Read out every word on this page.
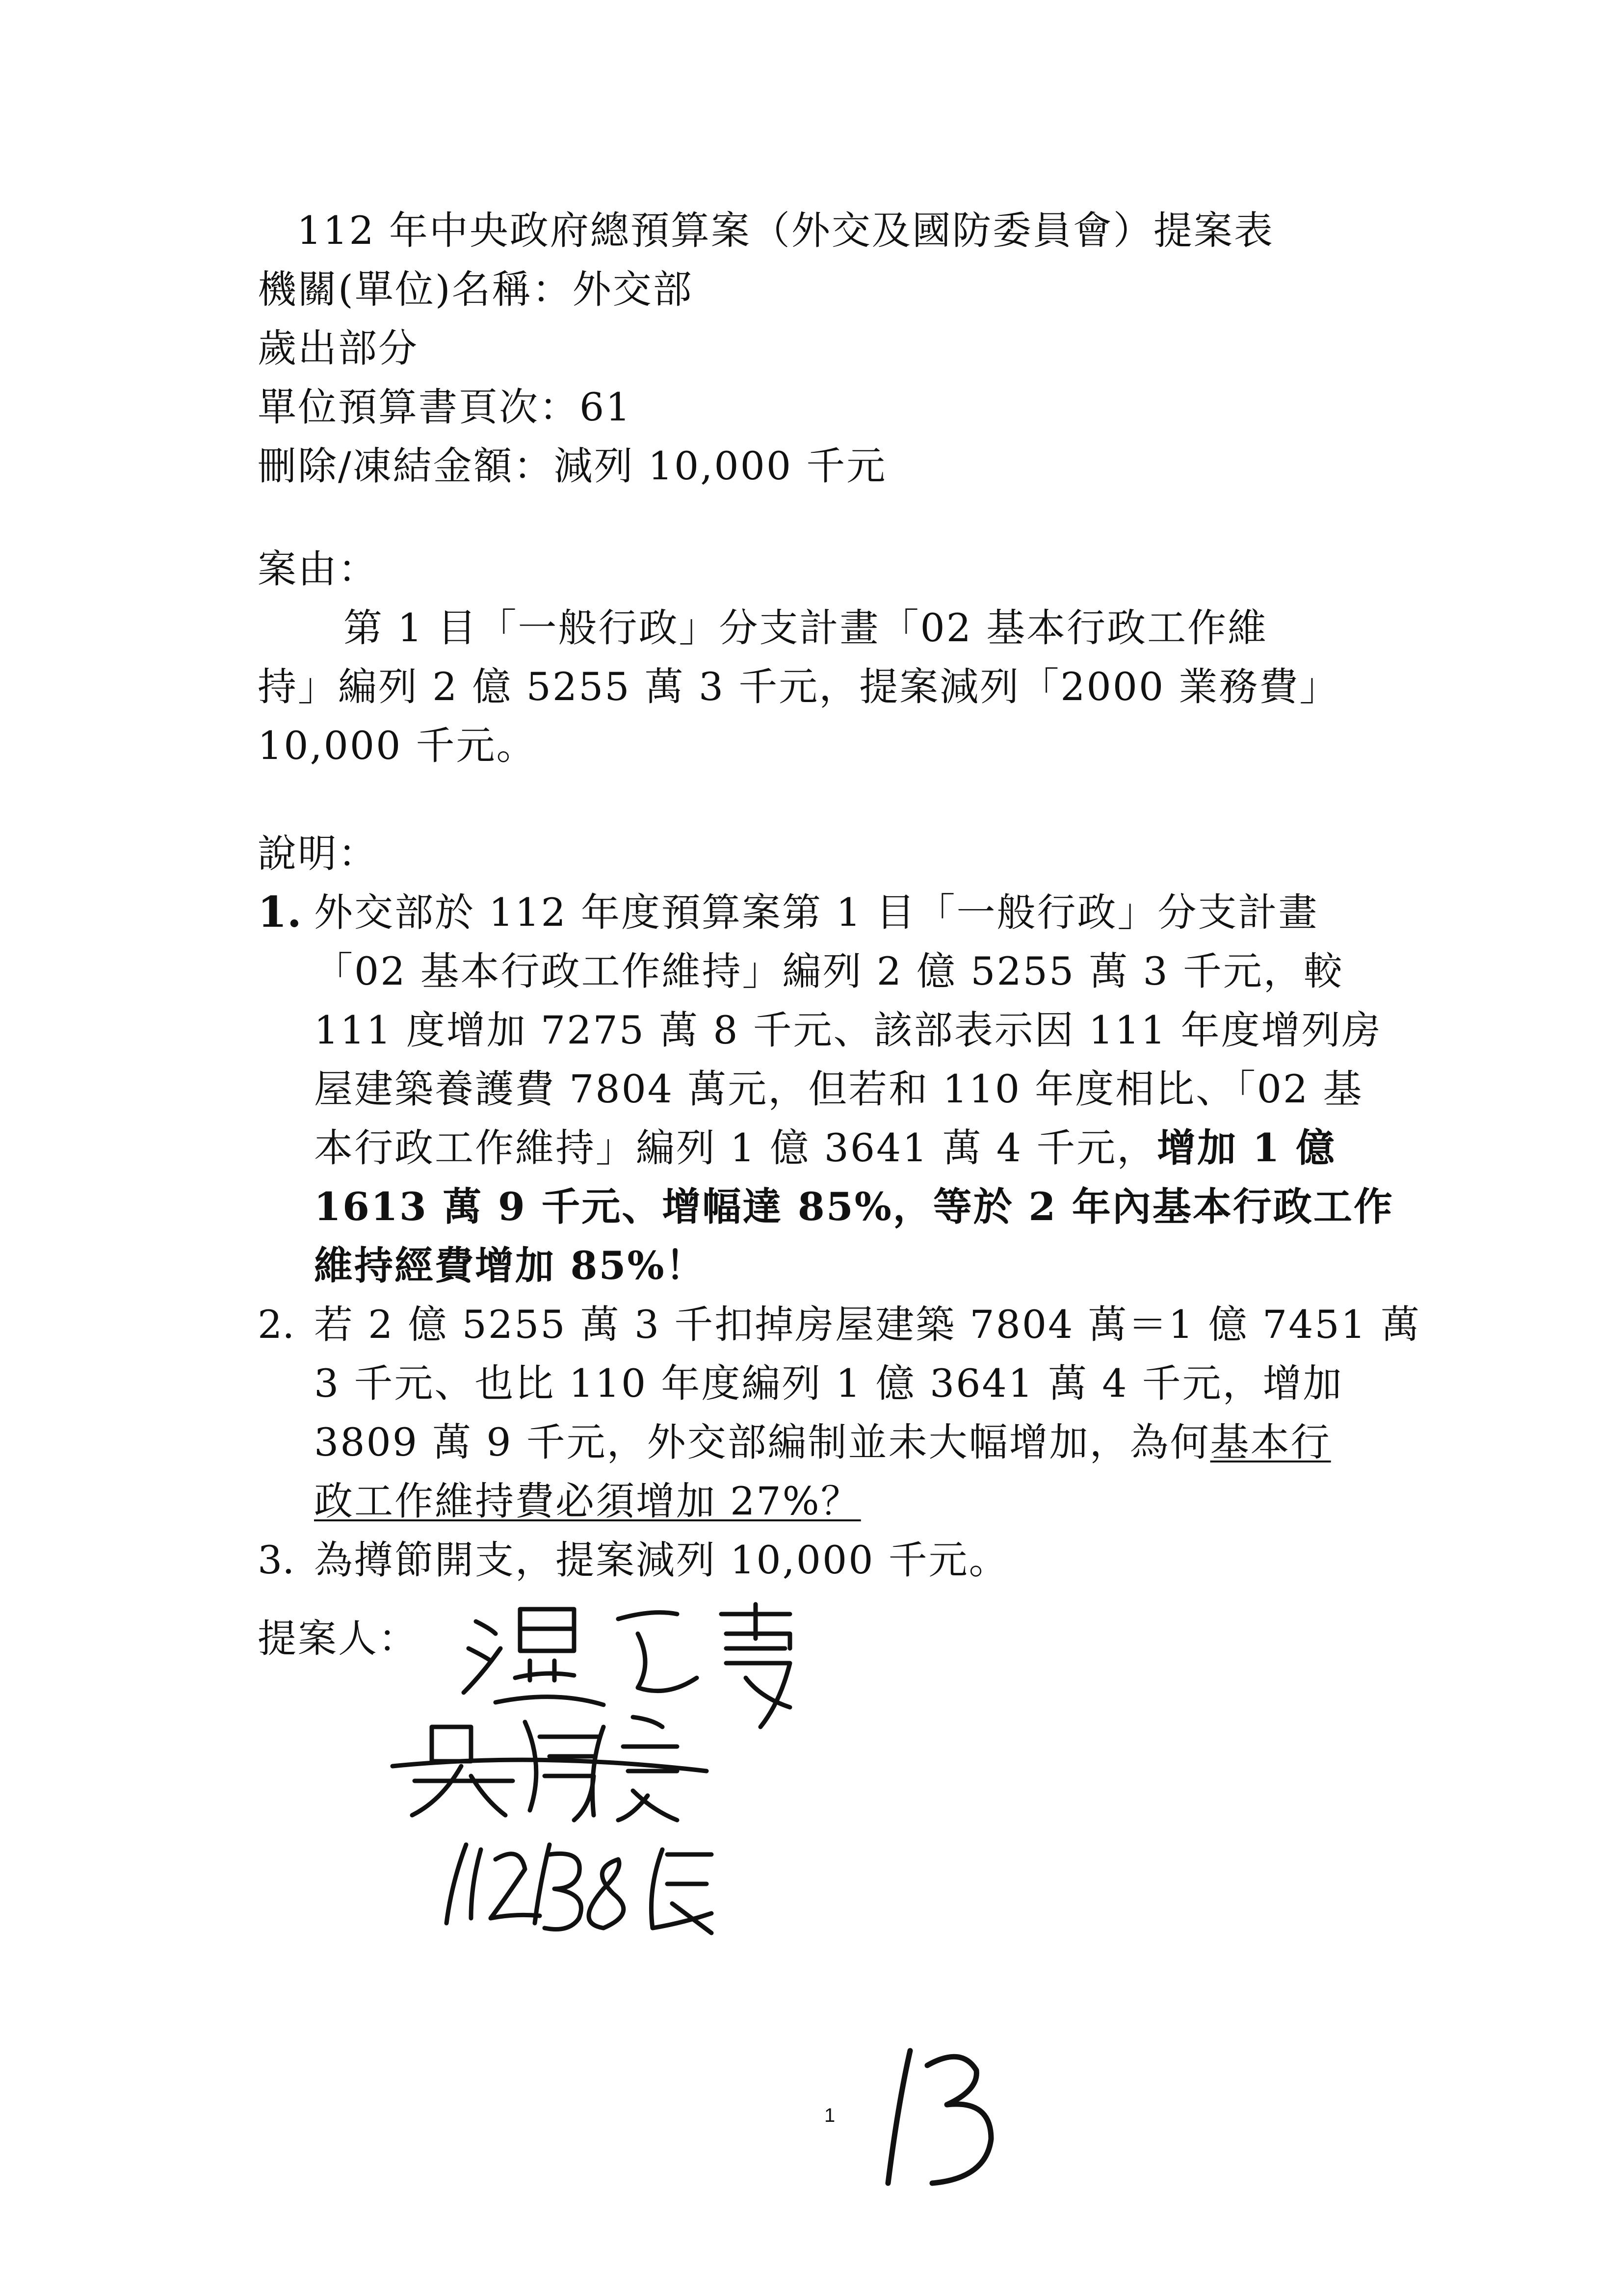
112 年中央政府總預算案（外交及國防委員會）提案表
機關(單位)名稱：外交部
歲出部分
單位預算書頁次：61
刪除/凍結金額：減列 10,000 千元
案由：
第 1 目「一般行政」分支計畫「02 基本行政工作維
持」編列 2 億 5255 萬 3 千元，提案減列「2000 業務費」
10,000 千元。
說明：
1. 外交部於 112 年度預算案第 1 目「一般行政」分支計畫
「02 基本行政工作維持」編列 2 億 5255 萬 3 千元，較
111 度增加 7275 萬 8 千元、該部表示因 111 年度增列房
屋建築養護費 7804 萬元，但若和 110 年度相比、「02 基
本行政工作維持」編列 1 億 3641 萬 4 千元，增加 1 億
1613 萬 9 千元、增幅達 85%，等於 2 年內基本行政工作
維持經費增加 85%！
2. 若 2 億 5255 萬 3 千扣掉房屋建築 7804 萬＝1 億 7451 萬
3 千元、也比 110 年度編列 1 億 3641 萬 4 千元，增加
3809 萬 9 千元，外交部編制並未大幅增加，為何基本行
政工作維持費必須增加 27%？
3. 為撙節開支，提案減列 10,000 千元。
提案人：
1
